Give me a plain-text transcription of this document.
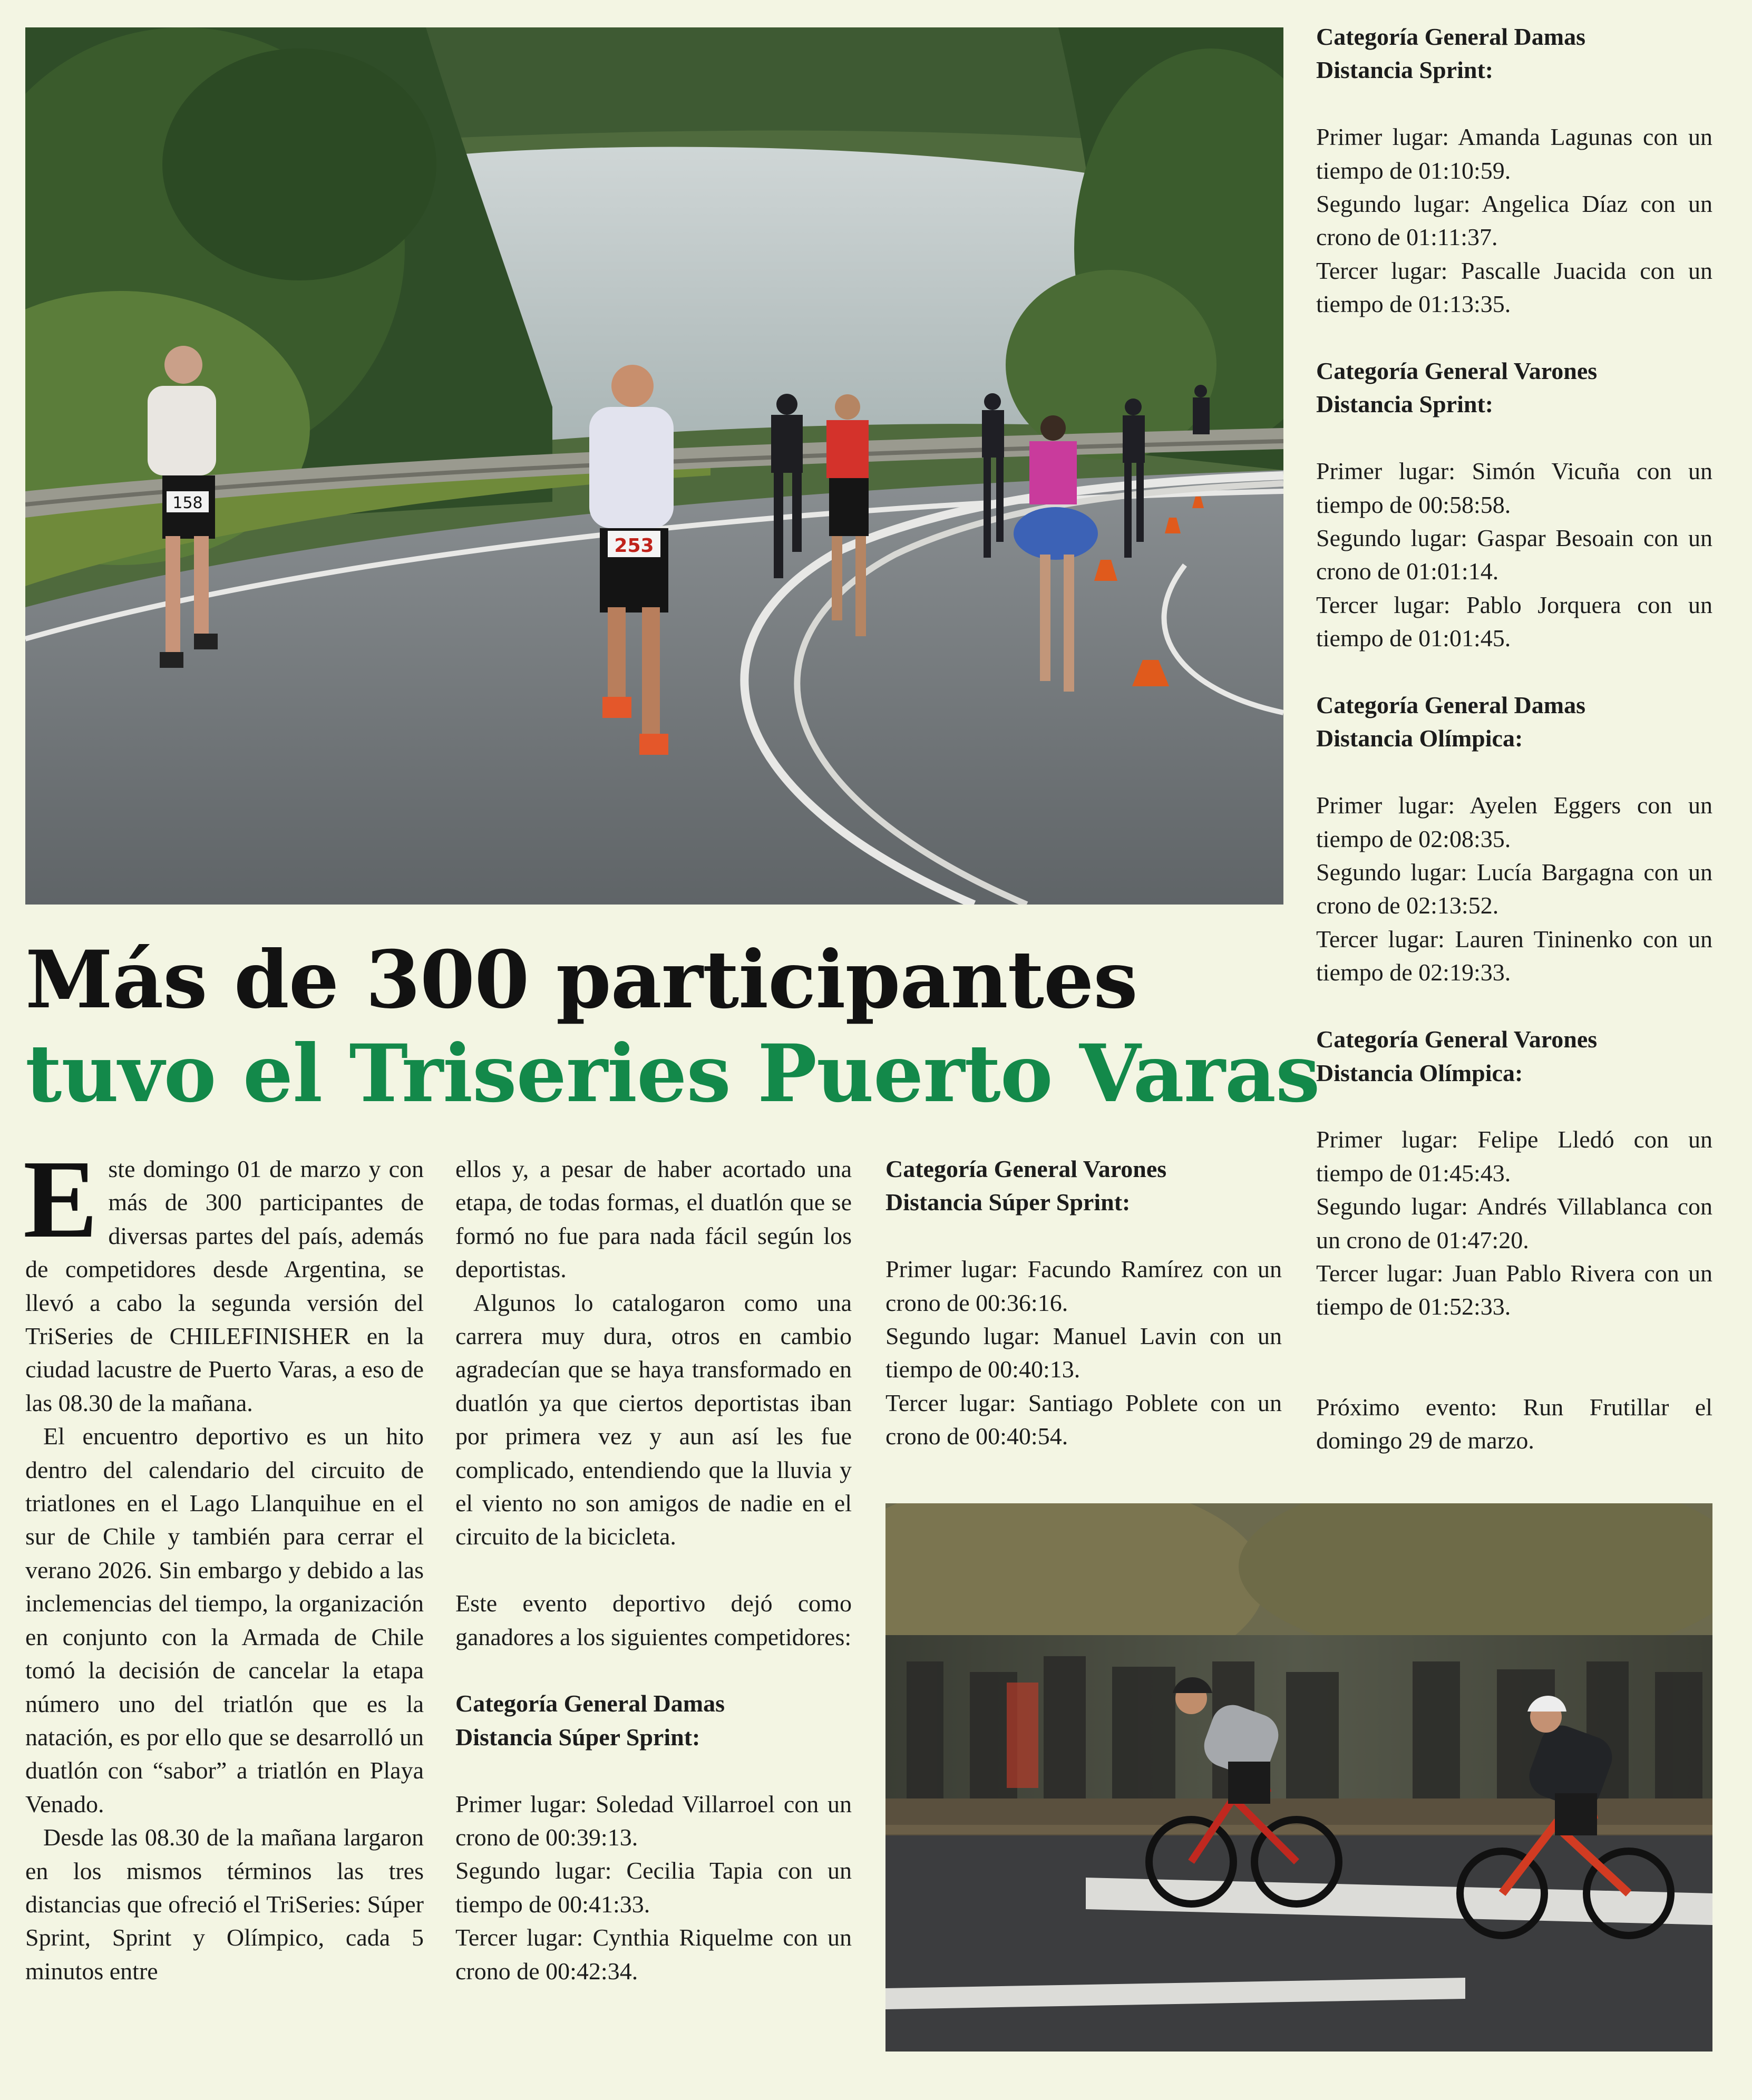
158
253
Más de 300 participantes
tuvo el Triseries Puerto Varas
E ste domingo 01 de marzo y con más de 300 participantes de diversas partes del país, además de competidores desde Argentina, se llevó a cabo la segunda versión del TriSeries de CHILEFINISHER en la ciudad lacustre de Puerto Varas, a eso de las 08.30 de la mañana.

El encuentro deportivo es un hito dentro del calendario del circuito de triatlones en el Lago Llanquihue en el sur de Chile y también para cerrar el verano 2026. Sin embargo y debido a las inclemencias del tiempo, la organización en conjunto con la Armada de Chile tomó la decisión de cancelar la etapa número uno del triatlón que es la natación, es por ello que se desarrolló un duatlón con “sabor” a triatlón en Playa Venado.

Desde las 08.30 de la mañana largaron en los mismos términos las tres distancias que ofreció el TriSeries: Súper Sprint, Sprint y Olímpico, cada 5 minutos entre

ellos y, a pesar de haber acortado una etapa, de todas formas, el duatlón que se formó no fue para nada fácil según los deportistas.

Algunos lo catalogaron como una carrera muy dura, otros en cambio agradecían que se haya transformado en duatlón ya que ciertos deportistas iban por primera vez y aun así les fue complicado, entendiendo que la lluvia y el viento no son amigos de nadie en el circuito de la bicicleta.

Este evento deportivo dejó como ganadores a los siguientes competidores:

Categoría General Damas
Distancia Súper Sprint:

Primer lugar: Soledad Villarroel con un crono de 00:39:13.

Segundo lugar: Cecilia Tapia con un tiempo de 00:41:33.

Tercer lugar: Cynthia Riquelme con un crono de 00:42:34.

Categoría General Varones
Distancia Súper Sprint:

Primer lugar: Facundo Ramírez con un crono de 00:36:16.

Segundo lugar: Manuel Lavin con un tiempo de 00:40:13.

Tercer lugar: Santiago Poblete con un crono de 00:40:54.

Categoría General Damas
Distancia Sprint:

Primer lugar: Amanda Lagunas con un tiempo de 01:10:59.

Segundo lugar: Angelica Díaz con un crono de 01:11:37.

Tercer lugar: Pascalle Juacida con un tiempo de 01:13:35.

Categoría General Varones
Distancia Sprint:

Primer lugar: Simón Vicuña con un tiempo de 00:58:58.

Segundo lugar: Gaspar Besoain con un crono de 01:01:14.

Tercer lugar: Pablo Jorquera con un tiempo de 01:01:45.

Categoría General Damas
Distancia Olímpica:

Primer lugar: Ayelen Eggers con un tiempo de 02:08:35.

Segundo lugar: Lucía Bargagna con un crono de 02:13:52.

Tercer lugar: Lauren Tininenko con un tiempo de 02:19:33.

Categoría General Varones
Distancia Olímpica:

Primer lugar: Felipe Lledó con un tiempo de 01:45:43.

Segundo lugar: Andrés Villablanca con un crono de 01:47:20.

Tercer lugar: Juan Pablo Rivera con un tiempo de 01:52:33.

Próximo evento: Run Frutillar el domingo 29 de marzo.
